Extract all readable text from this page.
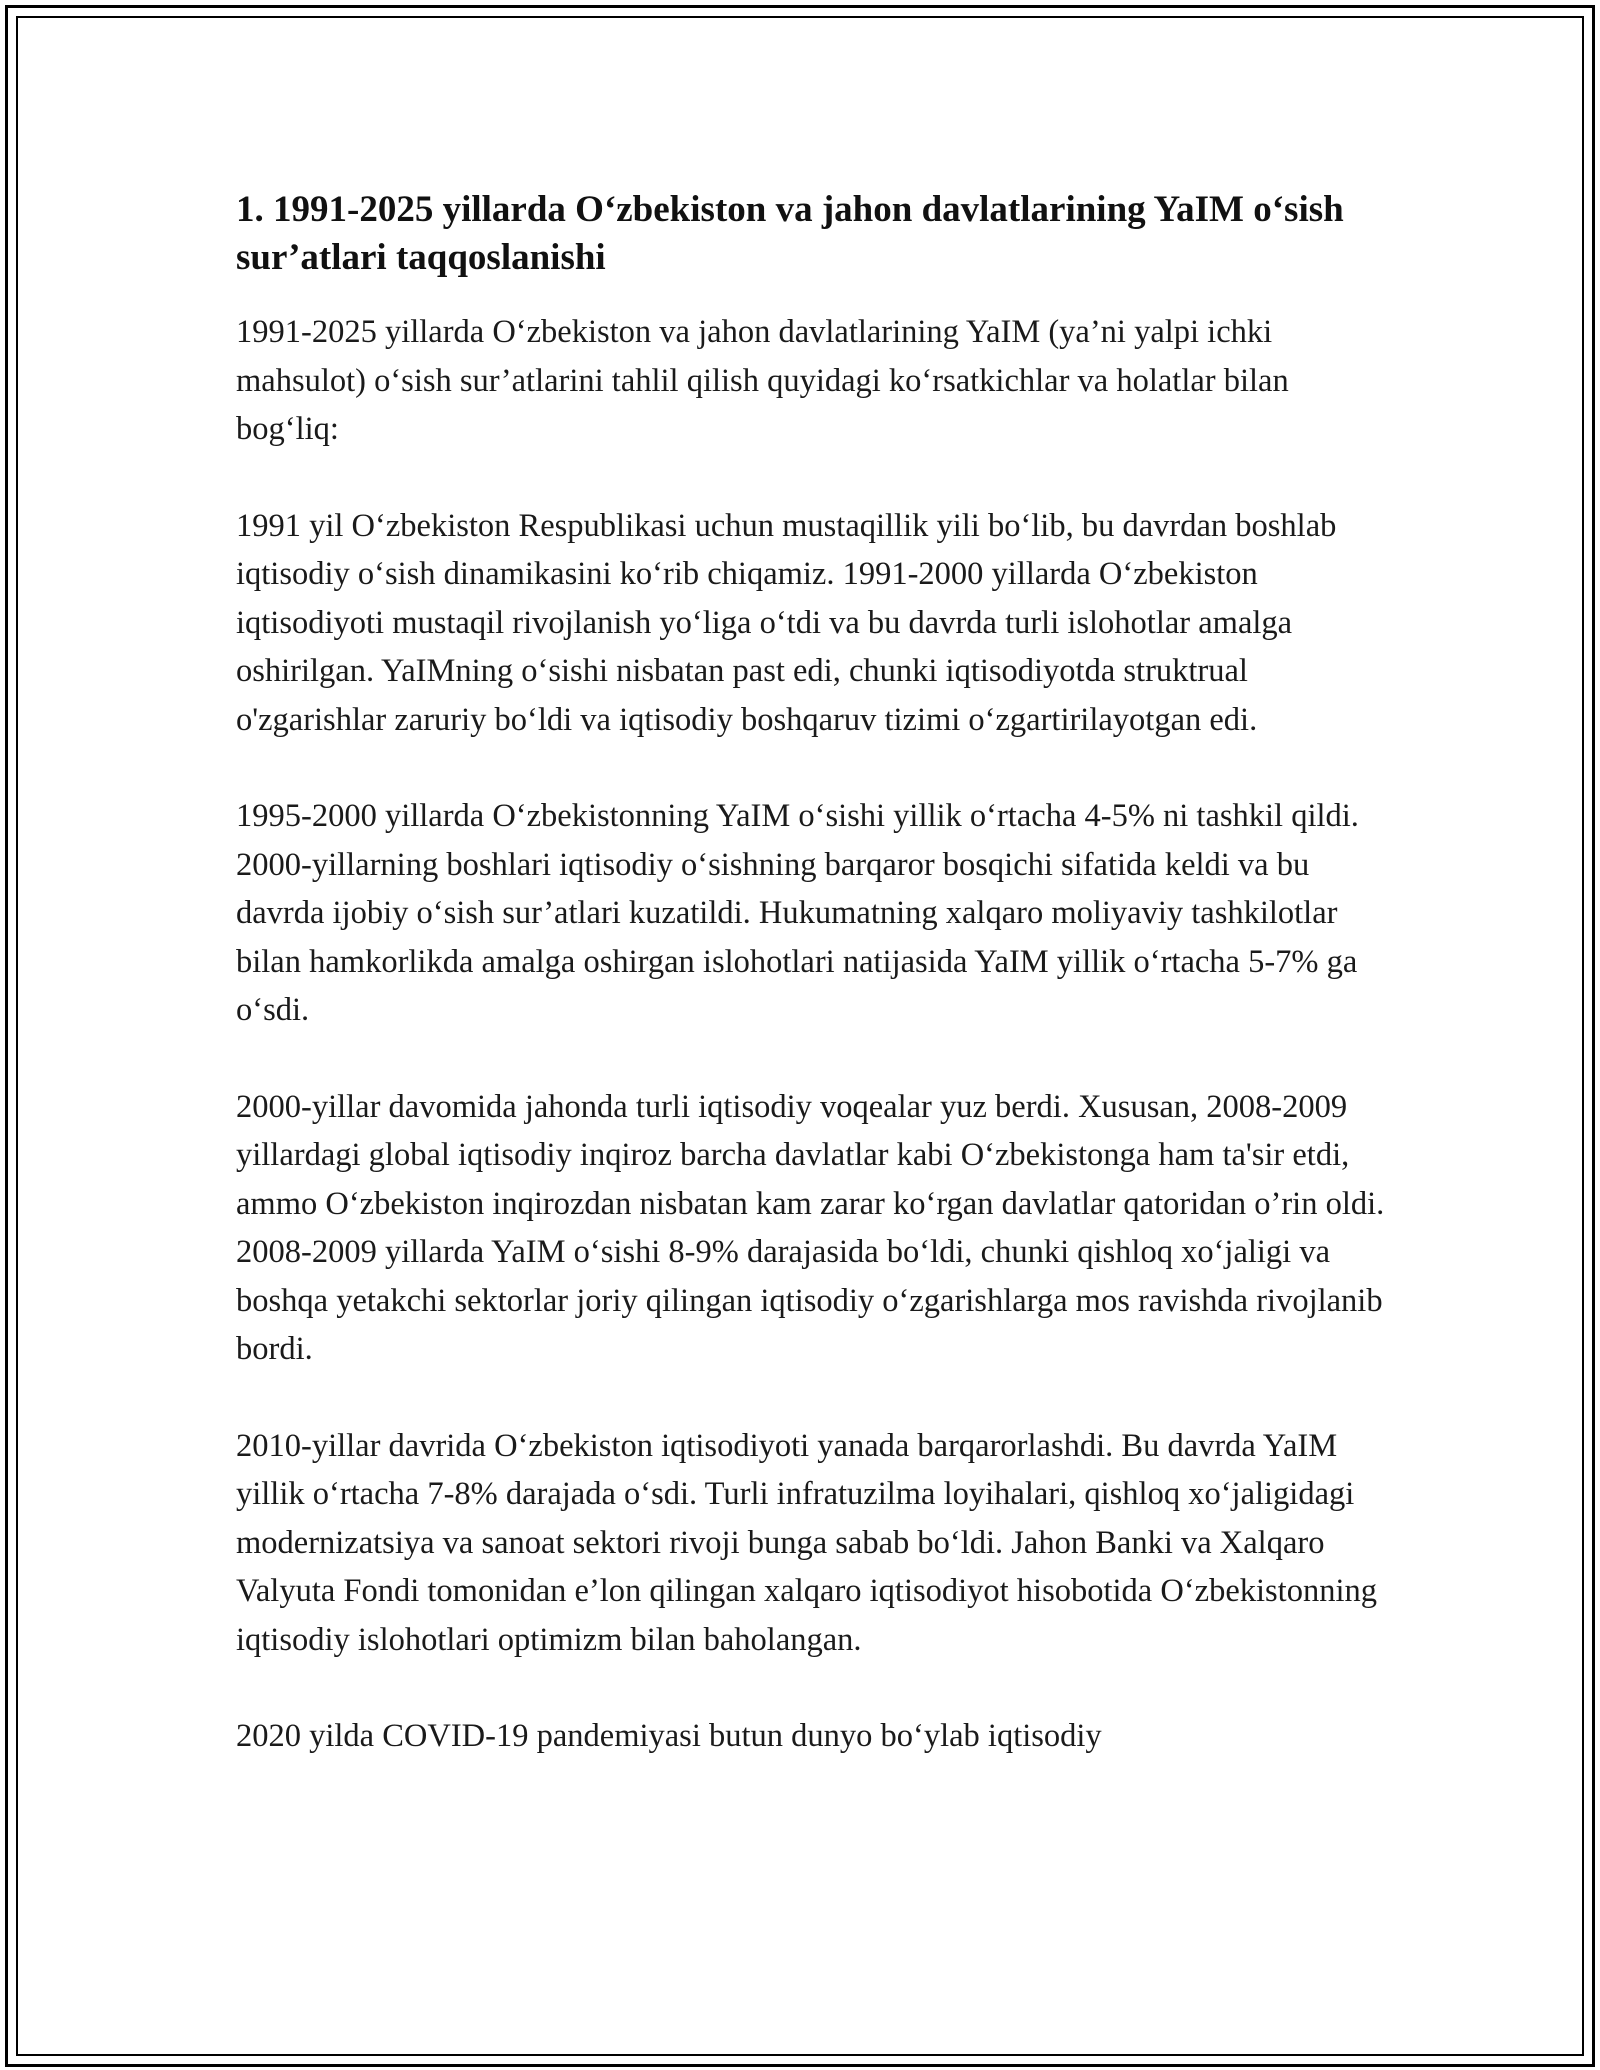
1. 1991-2025 yillarda O‘zbekiston va jahon davlatlarining YaIM o‘sish sur’atlari taqqoslanishi

1991-2025 yillarda O‘zbekiston va jahon davlatlarining YaIM (ya’ni yalpi ichki mahsulot) o‘sish sur’atlarini tahlil qilish quyidagi ko‘rsatkichlar va holatlar bilan bog‘liq:

1991 yil O‘zbekiston Respublikasi uchun mustaqillik yili bo‘lib, bu davrdan boshlab iqtisodiy o‘sish dinamikasini ko‘rib chiqamiz. 1991-2000 yillarda O‘zbekiston iqtisodiyoti mustaqil rivojlanish yo‘liga o‘tdi va bu davrda turli islohotlar amalga oshirilgan. YaIMning o‘sishi nisbatan past edi, chunki iqtisodiyotda struktrual o'zgarishlar zaruriy bo‘ldi va iqtisodiy boshqaruv tizimi o‘zgartirilayotgan edi.

1995-2000 yillarda O‘zbekistonning YaIM o‘sishi yillik o‘rtacha 4-5% ni tashkil qildi. 2000-yillarning boshlari iqtisodiy o‘sishning barqaror bosqichi sifatida keldi va bu davrda ijobiy o‘sish sur’atlari kuzatildi. Hukumatning xalqaro moliyaviy tashkilotlar bilan hamkorlikda amalga oshirgan islohotlari natijasida YaIM yillik o‘rtacha 5-7% ga o‘sdi.

2000-yillar davomida jahonda turli iqtisodiy voqealar yuz berdi. Xususan, 2008-2009 yillardagi global iqtisodiy inqiroz barcha davlatlar kabi O‘zbekistonga ham ta'sir etdi, ammo O‘zbekiston inqirozdan nisbatan kam zarar ko‘rgan davlatlar qatoridan o’rin oldi. 2008-2009 yillarda YaIM o‘sishi 8-9% darajasida bo‘ldi, chunki qishloq xo‘jaligi va boshqa yetakchi sektorlar joriy qilingan iqtisodiy o‘zgarishlarga mos ravishda rivojlanib bordi.

2010-yillar davrida O‘zbekiston iqtisodiyoti yanada barqarorlashdi. Bu davrda YaIM yillik o‘rtacha 7-8% darajada o‘sdi. Turli infratuzilma loyihalari, qishloq xo‘jaligidagi modernizatsiya va sanoat sektori rivoji bunga sabab bo‘ldi. Jahon Banki va Xalqaro Valyuta Fondi tomonidan e’lon qilingan xalqaro iqtisodiyot hisobotida O‘zbekistonning iqtisodiy islohotlari optimizm bilan baholangan.

2020 yilda COVID-19 pandemiyasi butun dunyo bo‘ylab iqtisodiy
